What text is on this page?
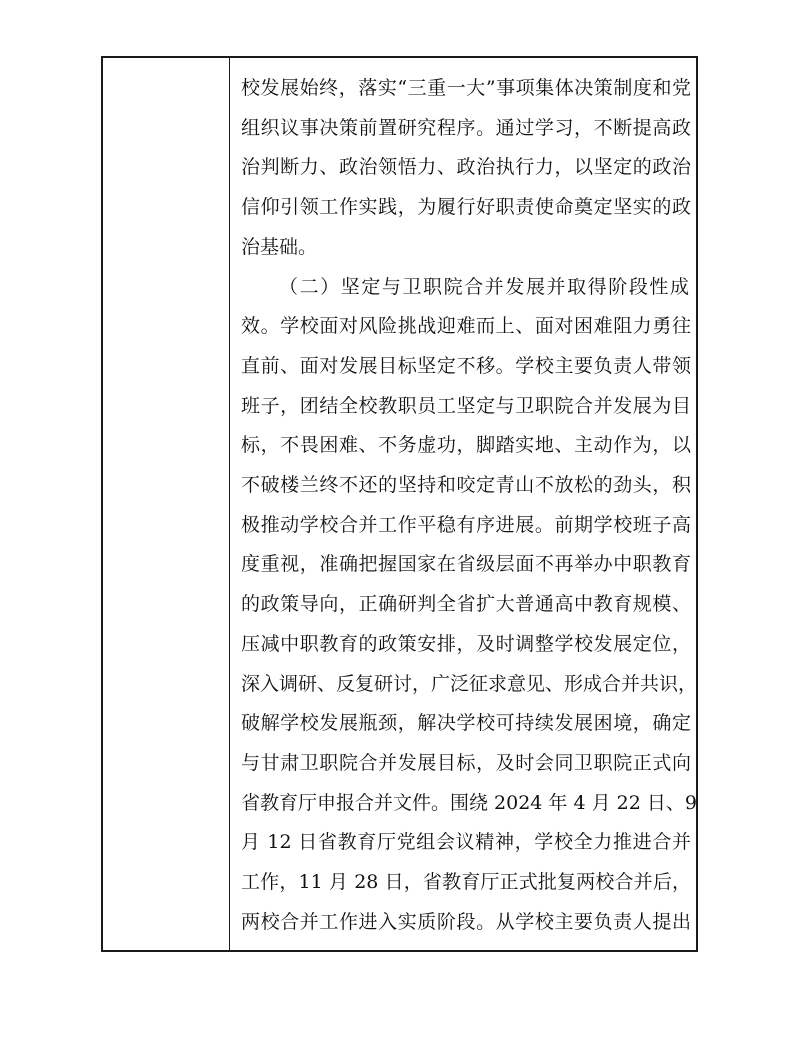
校发展始终，落实“三重一大”事项集体决策制度和党
组织议事决策前置研究程序。通过学习，不断提高政
治判断力、政治领悟力、政治执行力，以坚定的政治
信仰引领工作实践，为履行好职责使命奠定坚实的政
治基础。
（二）坚定与卫职院合并发展并取得阶段性成
效。学校面对风险挑战迎难而上、面对困难阻力勇往
直前、面对发展目标坚定不移。学校主要负责人带领
班子，团结全校教职员工坚定与卫职院合并发展为目
标，不畏困难、不务虚功，脚踏实地、主动作为，以
不破楼兰终不还的坚持和咬定青山不放松的劲头，积
极推动学校合并工作平稳有序进展。前期学校班子高
度重视，准确把握国家在省级层面不再举办中职教育
的政策导向，正确研判全省扩大普通高中教育规模、
压减中职教育的政策安排，及时调整学校发展定位，
深入调研、反复研讨，广泛征求意见、形成合并共识，
破解学校发展瓶颈，解决学校可持续发展困境，确定
与甘肃卫职院合并发展目标，及时会同卫职院正式向
省教育厅申报合并文件。围绕 2024 年 4 月 22 日、9
月 12 日省教育厅党组会议精神，学校全力推进合并
工作，11 月 28 日，省教育厅正式批复两校合并后，
两校合并工作进入实质阶段。从学校主要负责人提出
